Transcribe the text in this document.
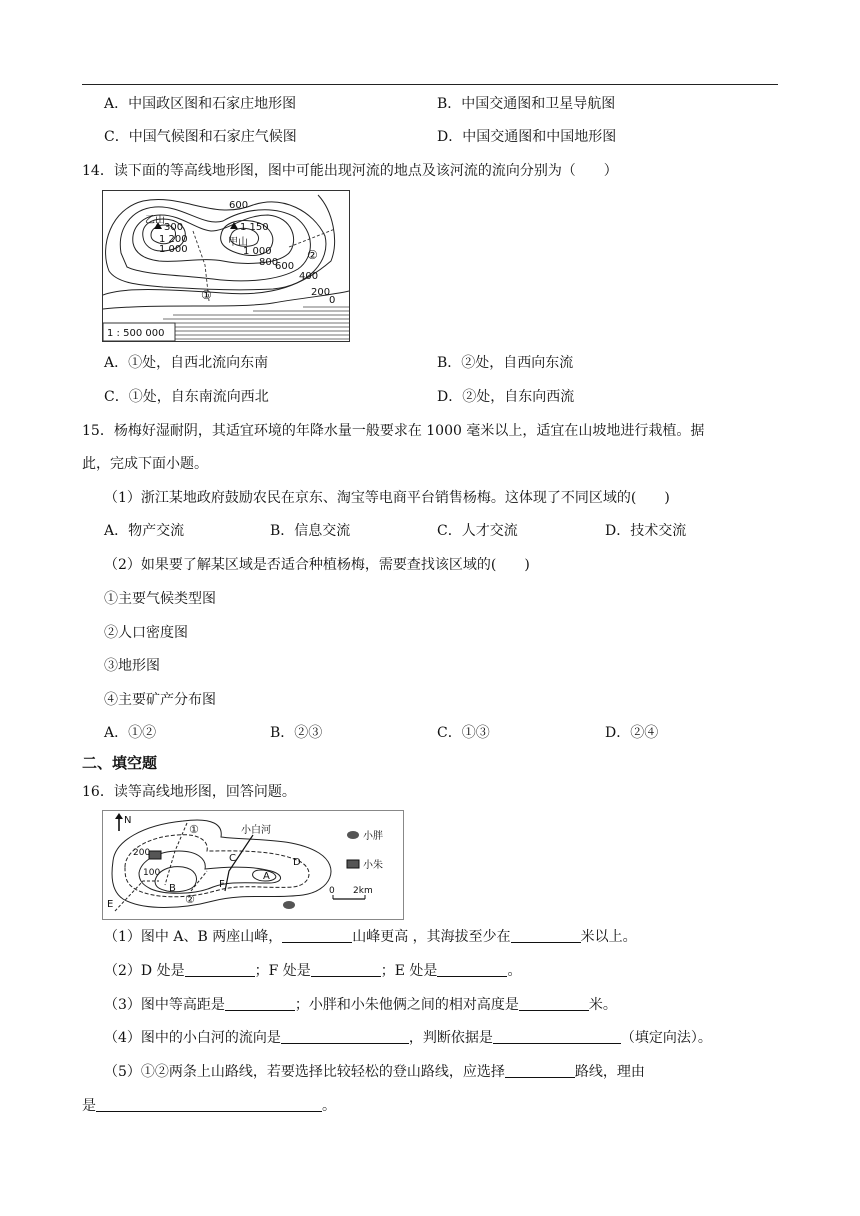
A．中国政区图和石家庄地形图	B．中国交通图和卫星导航图
C．中国气候图和石家庄气候图	D．中国交通图和中国地形图
14．读下面的等高线地形图，图中可能出现河流的地点及该河流的流向分别为（　　）
乙山
300
1 200
1 000
1 150
甲山
1 000
800
600
600
400
200
0
②
①
1 : 500 000
A．①处，自西北流向东南	B．②处，自西向东流
C．①处，自东南流向西北	D．②处，自东向西流
15．杨梅好湿耐阴，其适宜环境的年降水量一般要求在 1000 毫米以上，适宜在山坡地进行栽植。据
此，完成下面小题。
（1）浙江某地政府鼓励农民在京东、淘宝等电商平台销售杨梅。这体现了不同区域的(　　)
A．物产交流	B．信息交流	C．人才交流	D．技术交流
（2）如果要了解某区域是否适合种植杨梅，需要查找该区域的(　　)
①主要气候类型图
②人口密度图
③地形图
④主要矿产分布图
A．①②	B．②③	C．①③	D．②④
二、填空题
16．读等高线地形图，回答问题。
N
①	小白河
小胖
小朱
200
100	A
B
C	D
E
F
②
0 2km
（1）图中 A、B 两座山峰，	山峰更高 ，其海拔至少在	米以上。
（2）D 处是	；F 处是	；E 处是	。
（3）图中等高距是	；小胖和小朱他俩之间的相对高度是	米。
（4）图中的小白河的流向是	，判断依据是	（填定向法）。
（5）①②两条上山路线，若要选择比较轻松的登山路线，应选择	路线，理由
是	。
